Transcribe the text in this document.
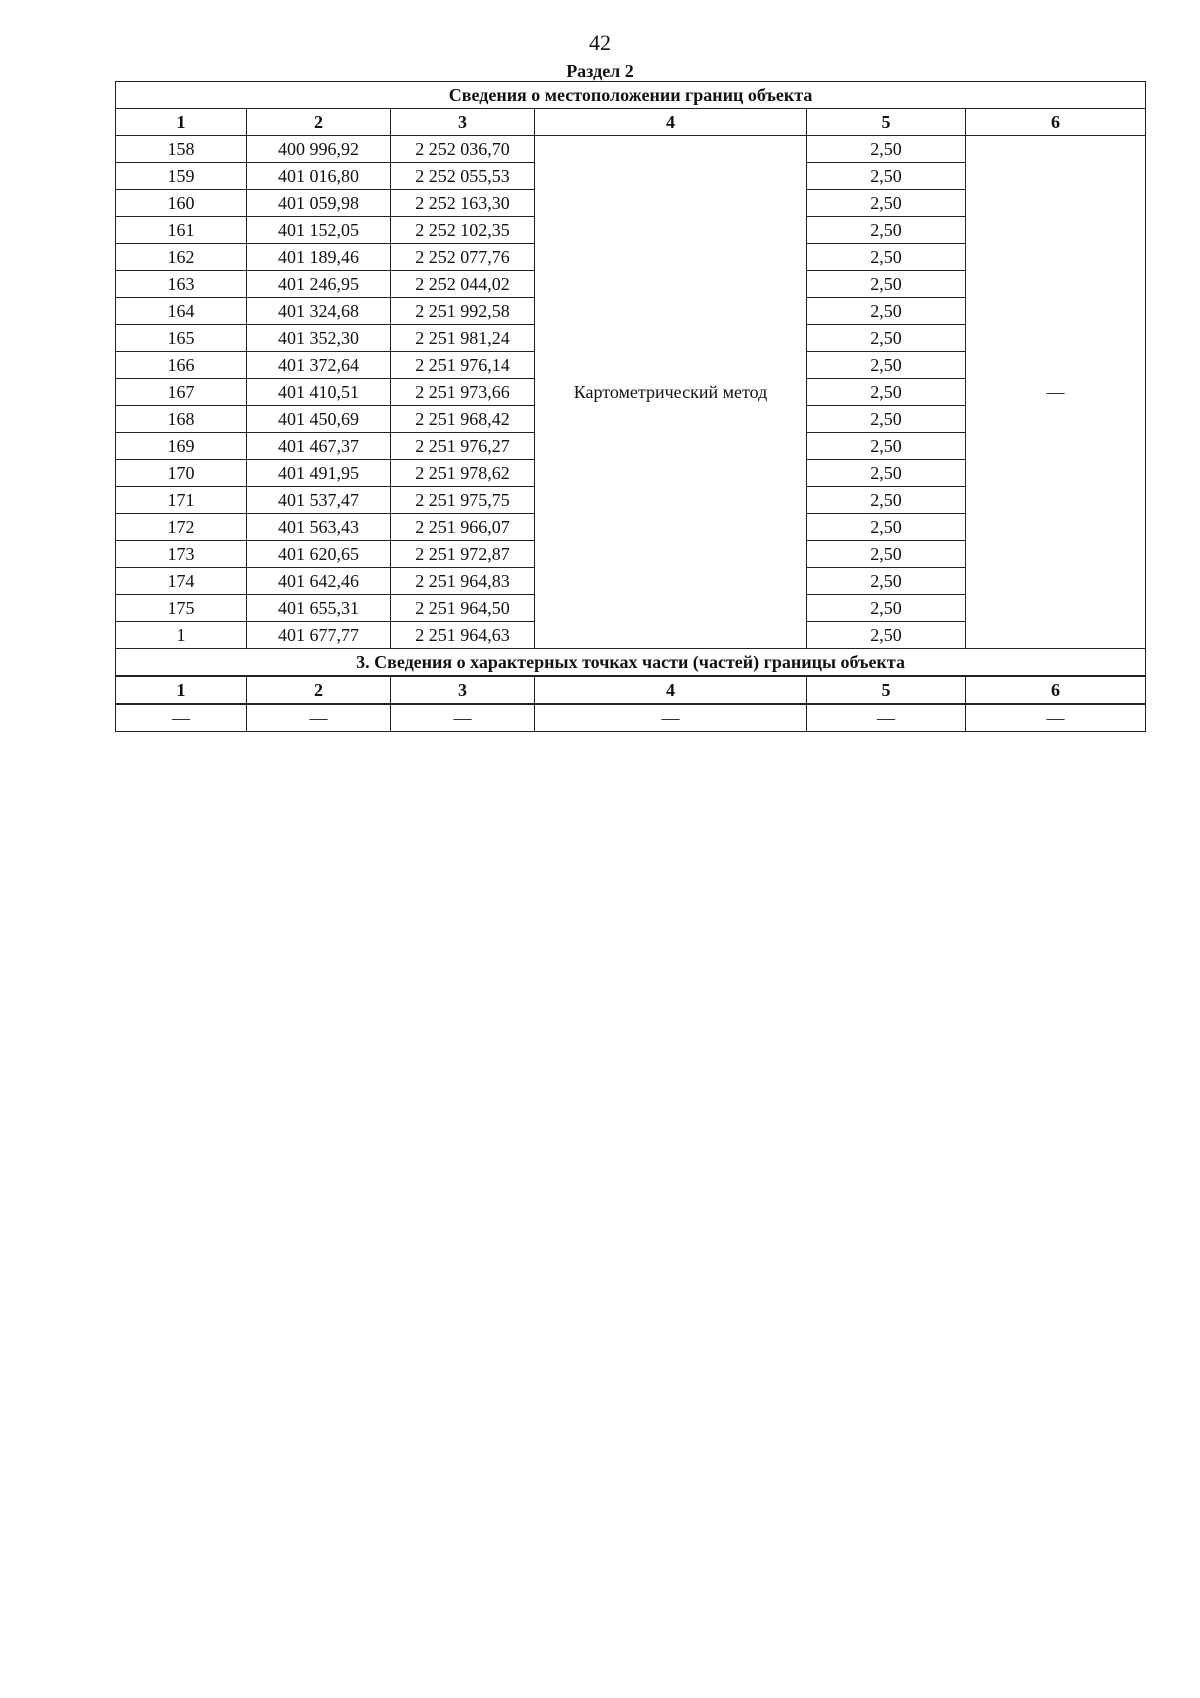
42
Раздел 2
Сведения о местоположении границ объекта					
1	2	3	4	5	6
158	400 996,92	2 252 036,70	Картометрический метод	2,50	—
159	401 016,80	2 252 055,53		2,50	
160	401 059,98	2 252 163,30		2,50	
161	401 152,05	2 252 102,35		2,50	
162	401 189,46	2 252 077,76		2,50	
163	401 246,95	2 252 044,02		2,50	
164	401 324,68	2 251 992,58		2,50	
165	401 352,30	2 251 981,24		2,50	
166	401 372,64	2 251 976,14		2,50	
167	401 410,51	2 251 973,66		2,50	
168	401 450,69	2 251 968,42		2,50	
169	401 467,37	2 251 976,27		2,50	
170	401 491,95	2 251 978,62		2,50	
171	401 537,47	2 251 975,75		2,50	
172	401 563,43	2 251 966,07		2,50	
173	401 620,65	2 251 972,87		2,50	
174	401 642,46	2 251 964,83		2,50	
175	401 655,31	2 251 964,50		2,50	
1	401 677,77	2 251 964,63		2,50	
3. Сведения о характерных точках части (частей) границы объекта					
1	2	3	4	5	6
—	—	—	—	—	—
